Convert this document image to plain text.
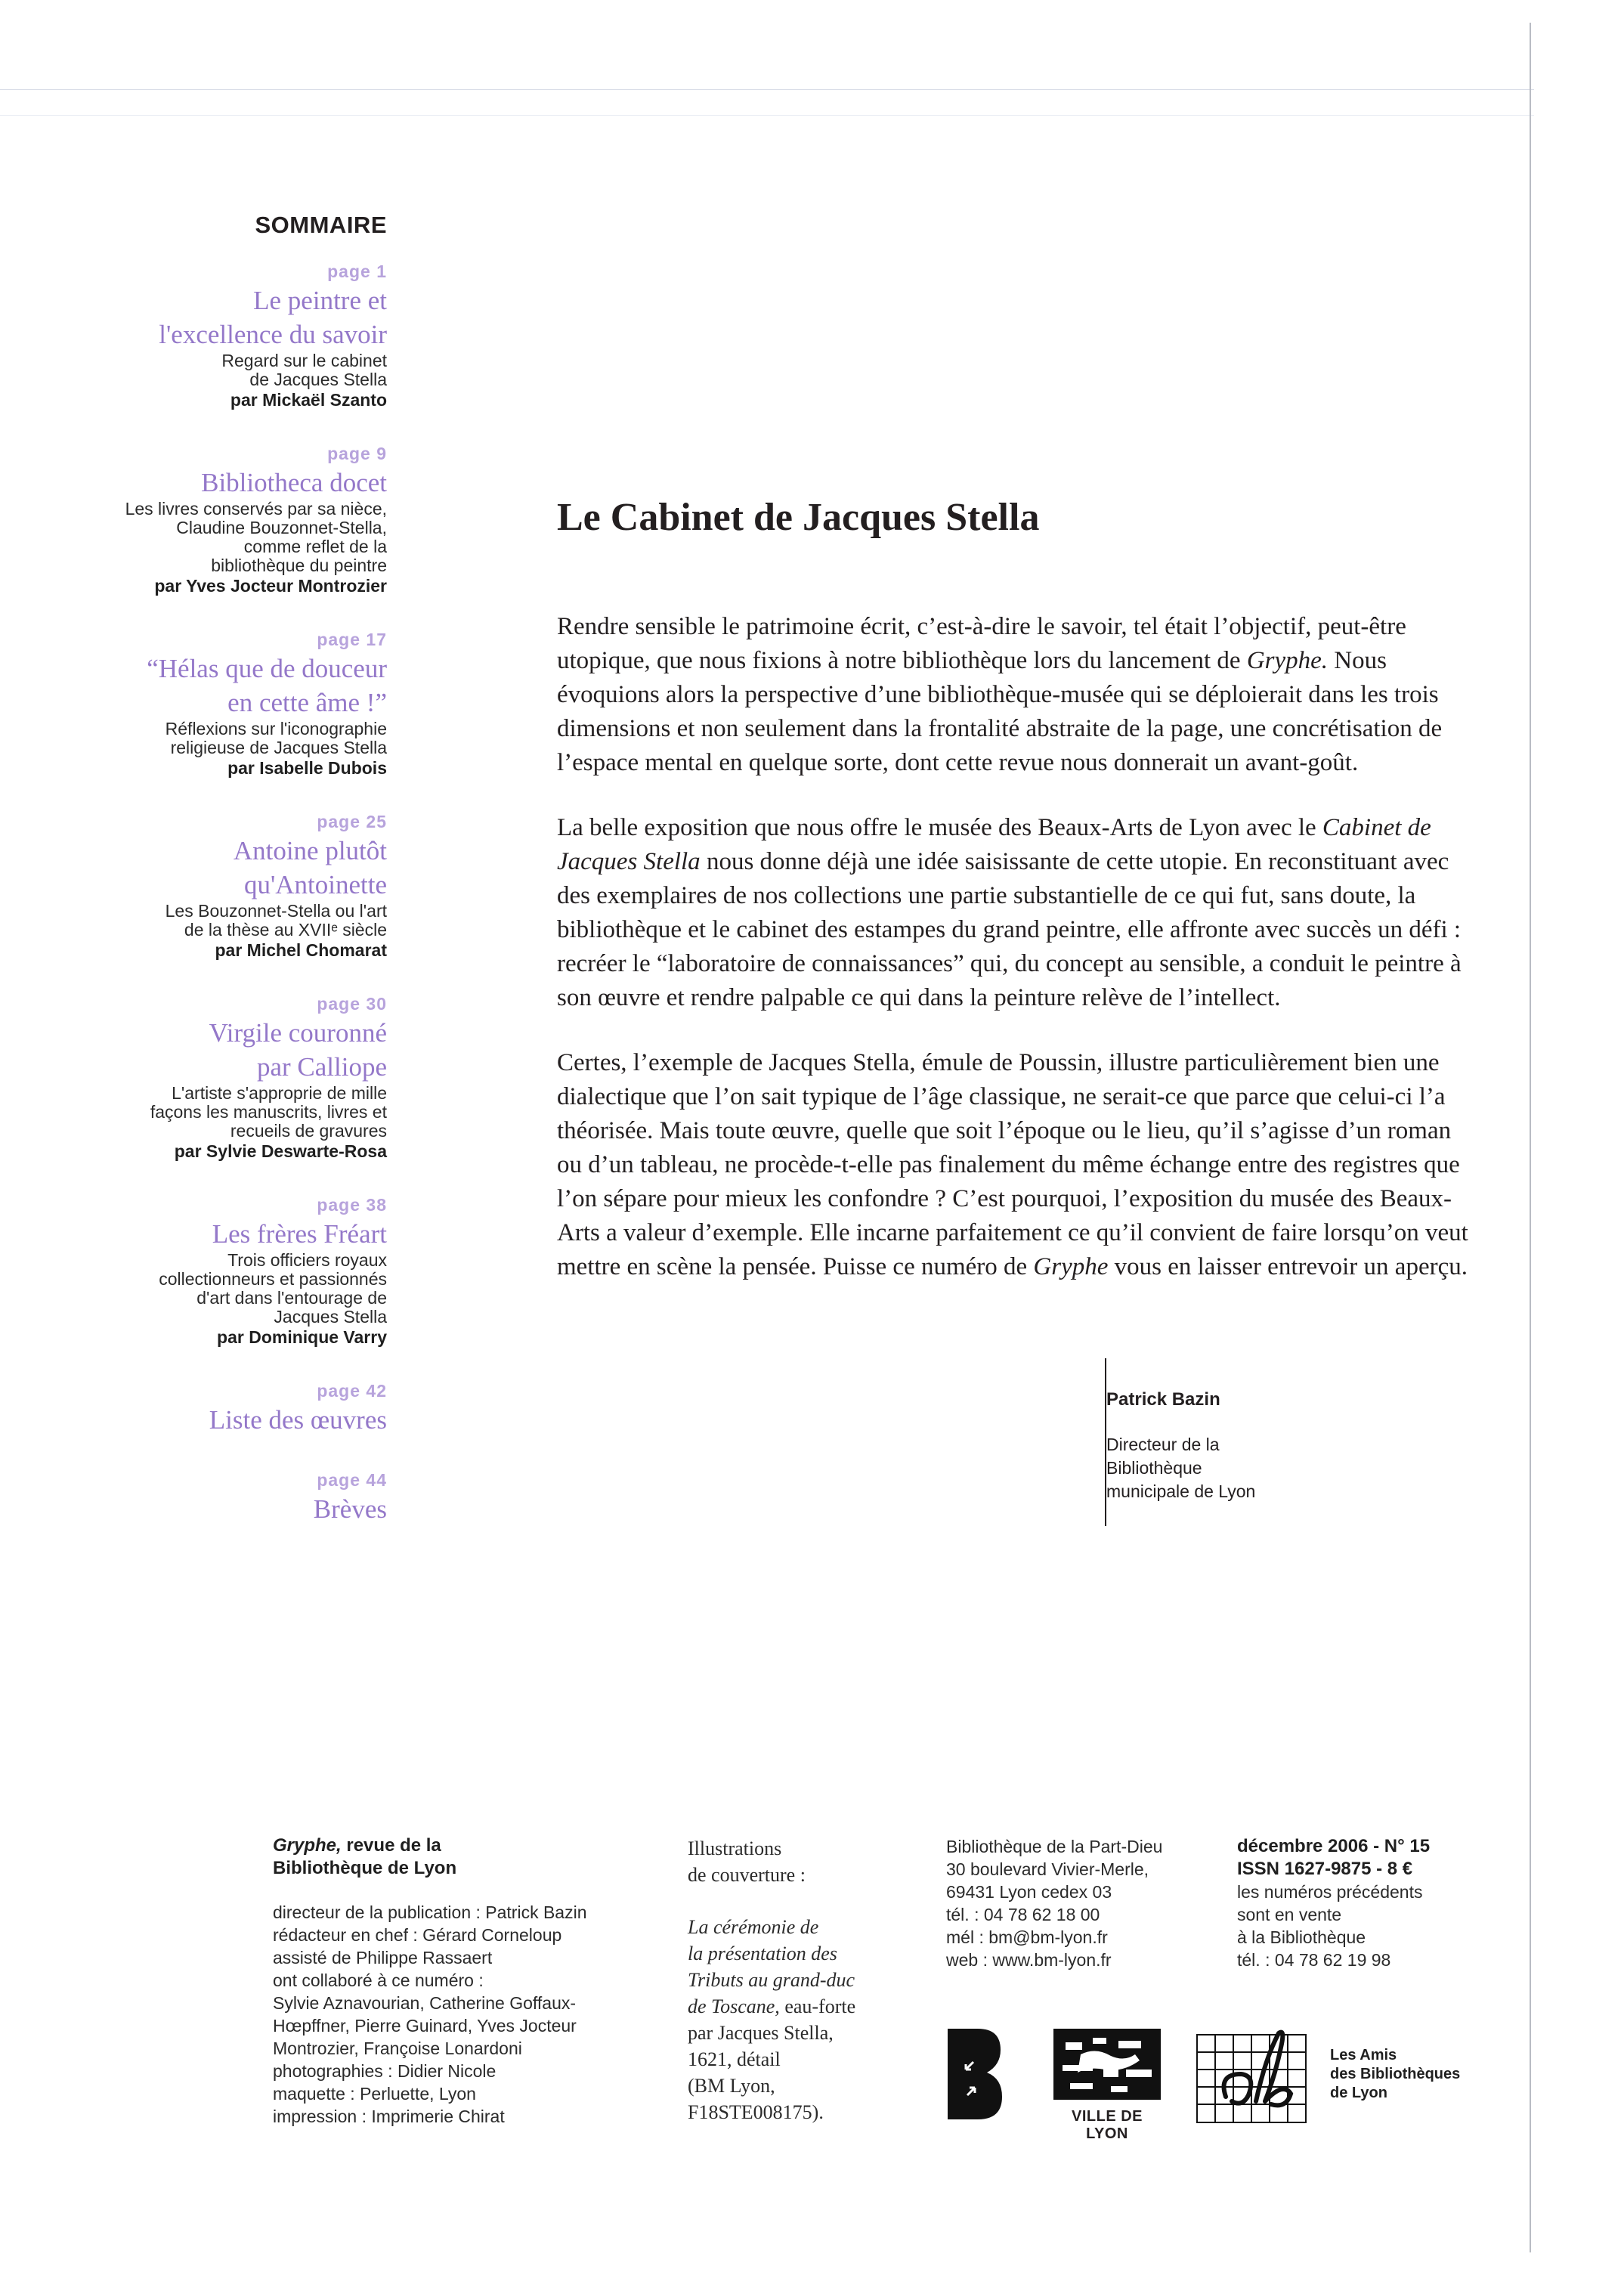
SOMMAIRE
page 1
Le peintre et
l'excellence du savoir
Regard sur le cabinet
de Jacques Stella
par Mickaël Szanto
page 9
Bibliotheca docet
Les livres conservés par sa nièce,
Claudine Bouzonnet-Stella,
comme reflet de la
bibliothèque du peintre
par Yves Jocteur Montrozier
page 17
“Hélas que de douceur
en cette âme !”
Réflexions sur l'iconographie
religieuse de Jacques Stella
par Isabelle Dubois
page 25
Antoine plutôt
qu'Antoinette
Les Bouzonnet-Stella ou l'art
de la thèse au XVIIᵉ siècle
par Michel Chomarat
page 30
Virgile couronné
par Calliope
L'artiste s'approprie de mille
façons les manuscrits, livres et
recueils de gravures
par Sylvie Deswarte-Rosa
page 38
Les frères Fréart
Trois officiers royaux
collectionneurs et passionnés
d'art dans l'entourage de
Jacques Stella
par Dominique Varry
page 42
Liste des œuvres
page 44
Brèves
Le Cabinet de Jacques Stella

Rendre sensible le patrimoine écrit, c’est-à-dire le savoir, tel était l’objectif, peut-être utopique, que nous fixions à notre bibliothèque lors du lancement de Gryphe. Nous évoquions alors la perspective d’une bibliothèque-musée qui se déploierait dans les trois dimensions et non seulement dans la frontalité abstraite de la page, une concrétisation de l’espace mental en quelque sorte, dont cette revue nous donnerait un avant-goût.

La belle exposition que nous offre le musée des Beaux-Arts de Lyon avec le Cabinet de Jacques Stella nous donne déjà une idée saisissante de cette utopie. En reconstituant avec des exemplaires de nos collections une partie substantielle de ce qui fut, sans doute, la bibliothèque et le cabinet des estampes du grand peintre, elle affronte avec succès un défi : recréer le “laboratoire de connaissances” qui, du concept au sensible, a conduit le peintre à son œuvre et rendre palpable ce qui dans la peinture relève de l’intellect.

Certes, l’exemple de Jacques Stella, émule de Poussin, illustre particulièrement bien une dialectique que l’on sait typique de l’âge classique, ne serait-ce que parce que celui-ci l’a théorisée. Mais toute œuvre, quelle que soit l’époque ou le lieu, qu’il s’agisse d’un roman ou d’un tableau, ne procède-t-elle pas finalement du même échange entre des registres que l’on sépare pour mieux les confondre ? C’est pourquoi, l’exposition du musée des Beaux-Arts a valeur d’exemple. Elle incarne parfaitement ce qu’il convient de faire lorsqu’on veut mettre en scène la pensée. Puisse ce numéro de Gryphe vous en laisser entrevoir un aperçu.

Patrick Bazin
Directeur de la
Bibliothèque
municipale de Lyon
Gryphe, revue de la
Bibliothèque de Lyon
directeur de la publication : Patrick Bazin
rédacteur en chef : Gérard Corneloup
assisté de Philippe Rassaert
ont collaboré à ce numéro :
Sylvie Aznavourian, Catherine Goffaux-
Hœpffner, Pierre Guinard, Yves Jocteur
Montrozier, Françoise Lonardoni
photographies : Didier Nicole
maquette : Perluette, Lyon
impression : Imprimerie Chirat
Illustrations
de couverture :
La cérémonie de
la présentation des
Tributs au grand-duc
de Toscane, eau-forte
par Jacques Stella,
1621, détail
(BM Lyon,
F18STE008175).
Bibliothèque de la Part-Dieu
30 boulevard Vivier-Merle,
69431 Lyon cedex 03
tél. : 04 78 62 18 00
mél : bm@bm-lyon.fr
web : www.bm-lyon.fr
décembre 2006 - N° 15
ISSN 1627-9875 - 8 €
les numéros précédents
sont en vente
à la Bibliothèque
tél. : 04 78 62 19 98
VILLE DE LYON
Les Amis
des Bibliothèques
de Lyon
